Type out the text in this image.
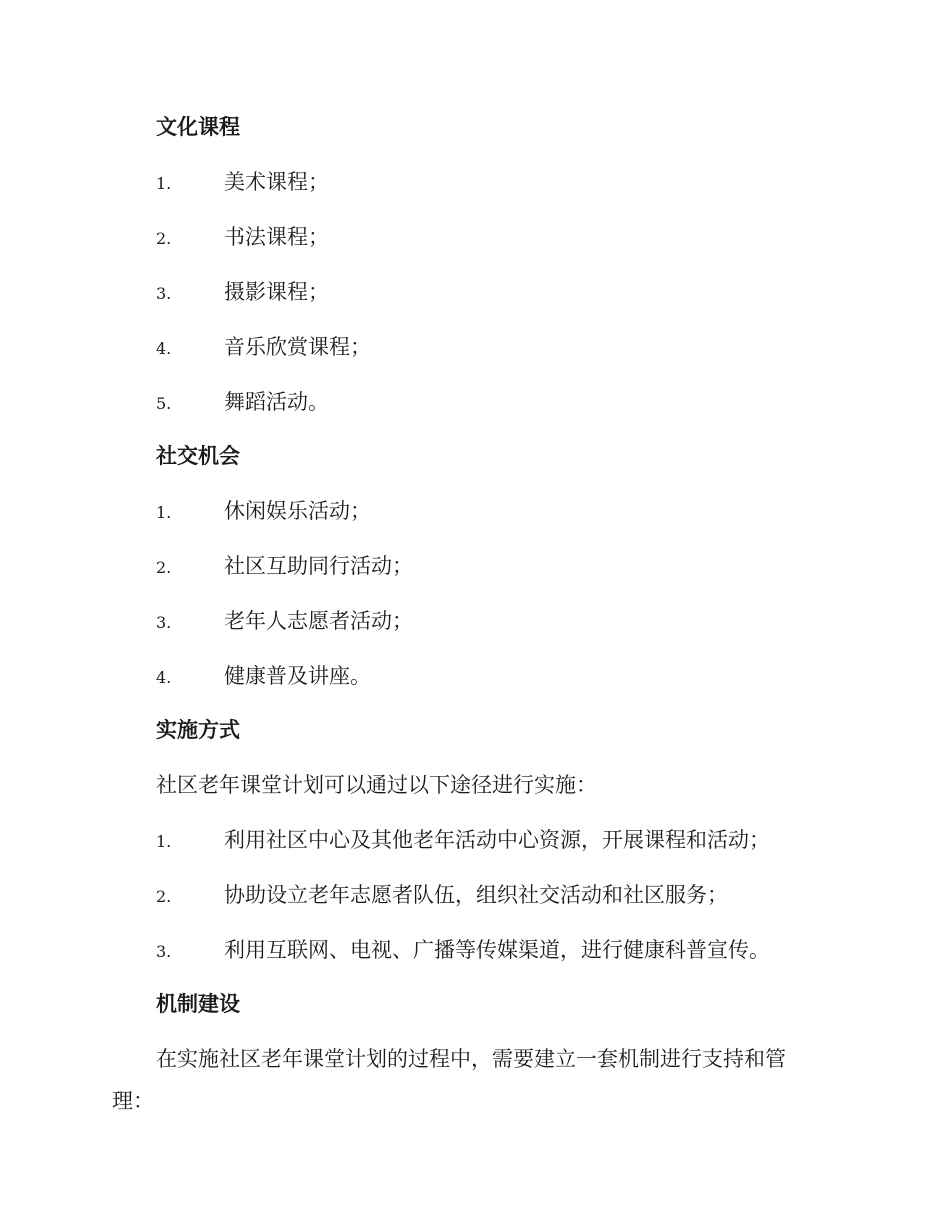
文化课程
1.	美术课程；
2.	书法课程；
3.	摄影课程；
4.	音乐欣赏课程；
5.	舞蹈活动。
社交机会
1.	休闲娱乐活动；
2.	社区互助同行活动；
3.	老年人志愿者活动；
4.	健康普及讲座。
实施方式
社区老年课堂计划可以通过以下途径进行实施：
1.	利用社区中心及其他老年活动中心资源，开展课程和活动；
2.	协助设立老年志愿者队伍，组织社交活动和社区服务；
3.	利用互联网、电视、广播等传媒渠道，进行健康科普宣传。
机制建设
在实施社区老年课堂计划的过程中，需要建立一套机制进行支持和管
理：
